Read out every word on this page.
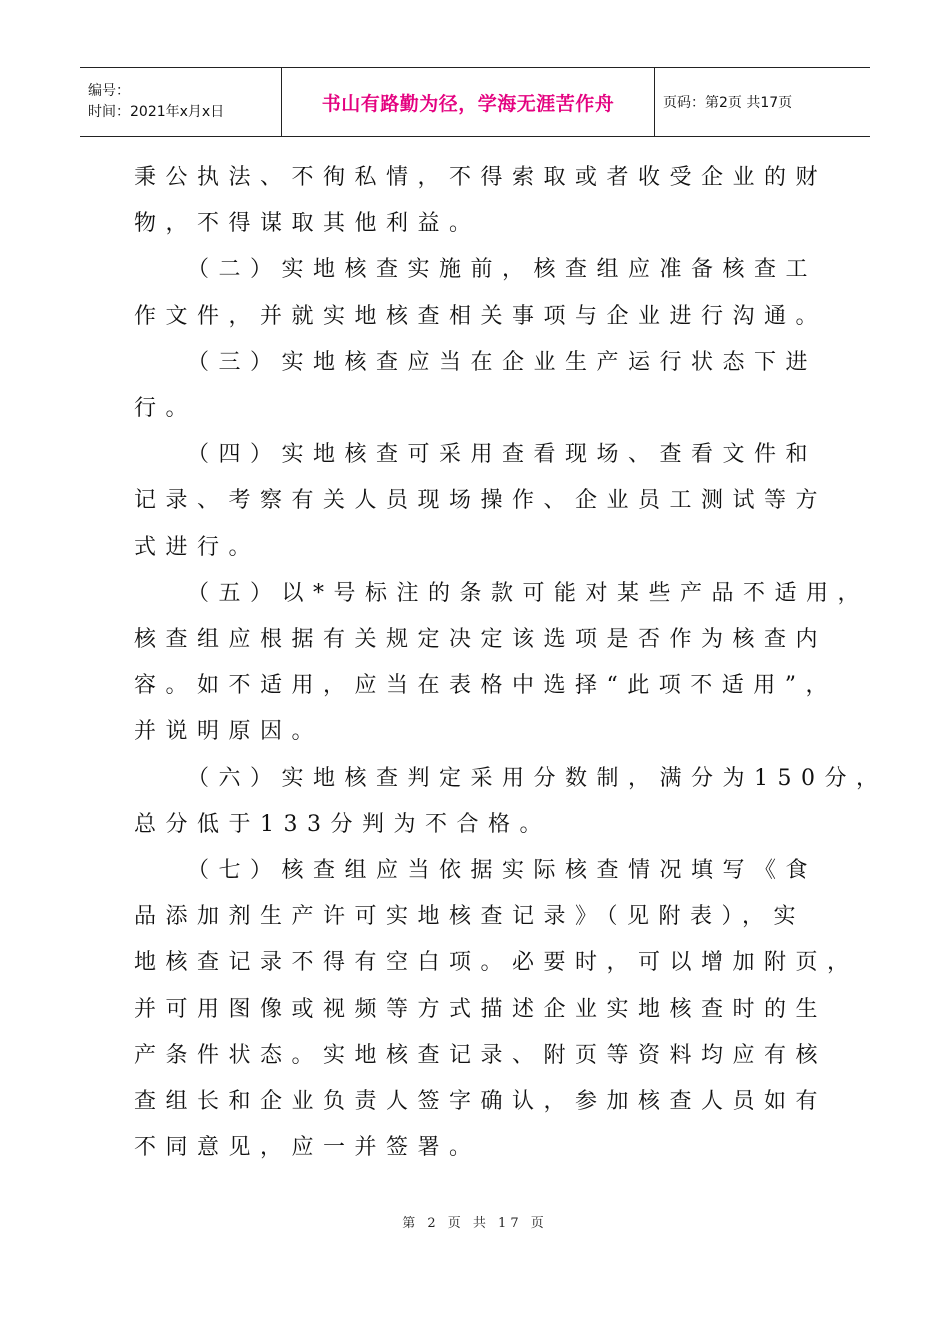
编号：
时间：2021年x月x日	书山有路勤为径，学海无涯苦作舟	页码：第2页 共17页

秉公执法、不徇私情，不得索取或者收受企业的财
物，不得谋取其他利益。

（二）实地核查实施前，核查组应准备核查工
作文件，并就实地核查相关事项与企业进行沟通。

（三）实地核查应当在企业生产运行状态下进
行。

（四）实地核查可采用查看现场、查看文件和
记录、考察有关人员现场操作、企业员工测试等方
式进行。

（五）以*号标注的条款可能对某些产品不适用，
核查组应根据有关规定决定该选项是否作为核查内
容。如不适用，应当在表格中选择“此项不适用”，
并说明原因。

（六）实地核查判定采用分数制，满分为150分，
总分低于133分判为不合格。

（七）核查组应当依据实际核查情况填写《食
品添加剂生产许可实地核查记录》（见附表），实
地核查记录不得有空白项。必要时，可以增加附页，
并可用图像或视频等方式描述企业实地核查时的生
产条件状态。实地核查记录、附页等资料均应有核
查组长和企业负责人签字确认，参加核查人员如有
不同意见，应一并签署。

第 2 页 共 17 页
